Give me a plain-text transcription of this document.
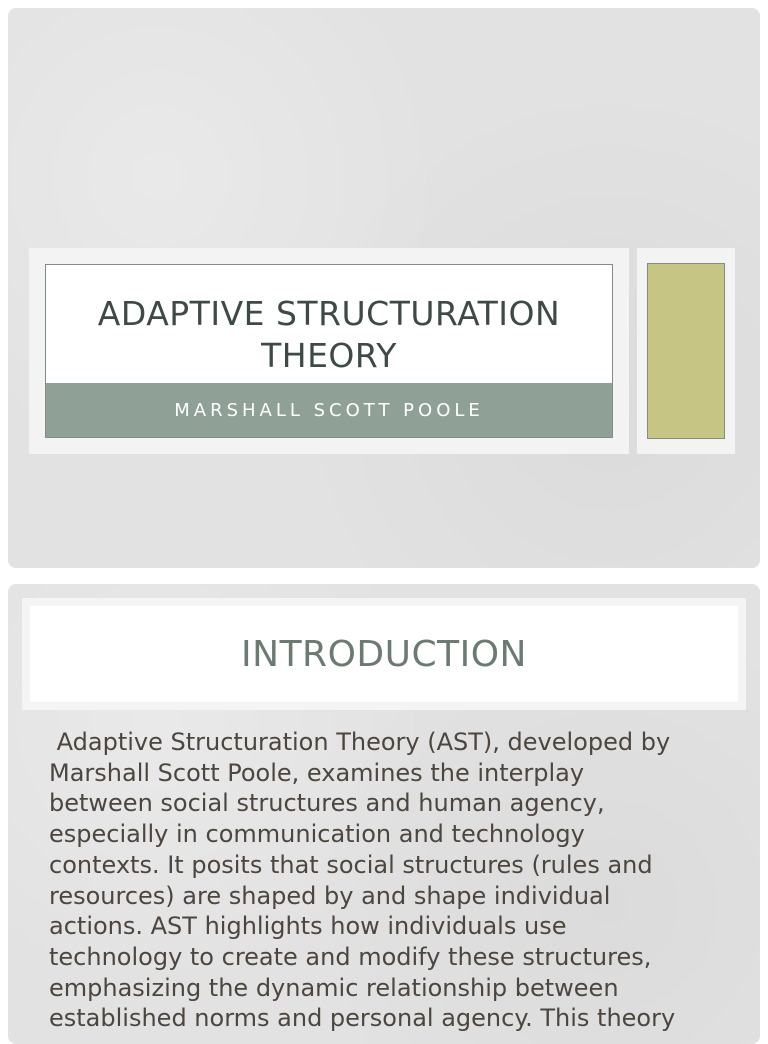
ADAPTIVE STRUCTURATION
THEORY
MARSHALL SCOTT POOLE
INTRODUCTION

Adaptive Structuration Theory (AST), developed by
Marshall Scott Poole, examines the interplay
between social structures and human agency,
especially in communication and technology
contexts. It posits that social structures (rules and
resources) are shaped by and shape individual
actions. AST highlights how individuals use
technology to create and modify these structures,
emphasizing the dynamic relationship between
established norms and personal agency. This theory
